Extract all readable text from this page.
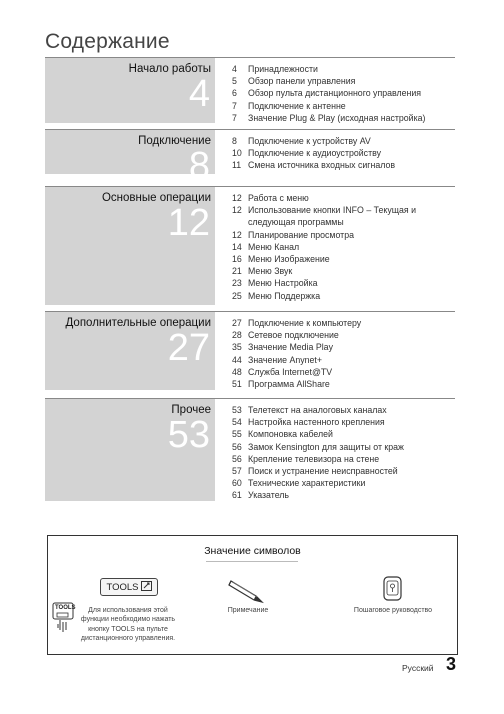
Содержание
Начало работы
4
4	Принадлежности
5	Обзор панели управления
6	Обзор пульта дистанционного управления
7	Подключение к антенне
7	Значение Plug & Play (исходная настройка)
Подключение
8
8	Подключение к устройству AV
10 Подключение к аудиоустройству
11 Смена источника входных сигналов
Основные операции
12
12 Работа с меню
12 Использование кнопки INFO – Текущая и следующая программы
12 Планирование просмотра
14 Меню Канал
16 Меню Изображение
21 Меню Звук
23 Меню Настройка
25 Меню Поддержка
Дополнительные операции
27
27 Подключение к компьютеру
28 Сетевое подключение
35 Значение Media Play
44 Значение Anynet+
48 Служба Internet@TV
51 Программа AllShare
Прочее
53
53 Телетекст на аналоговых каналах
54 Настройка настенного крепления
55 Компоновка кабелей
56 Замок Kensington для защиты от краж
56 Крепление телевизора на стене
57 Поиск и устранение неисправностей
60 Технические характеристики
61 Указатель
Значение символов
TOOLS
TOOLS	Для использования этой функции необходимо нажать кнопку TOOLS на пульте дистанционного управления.
Примечание	Пошаговое руководство
Русский 3
